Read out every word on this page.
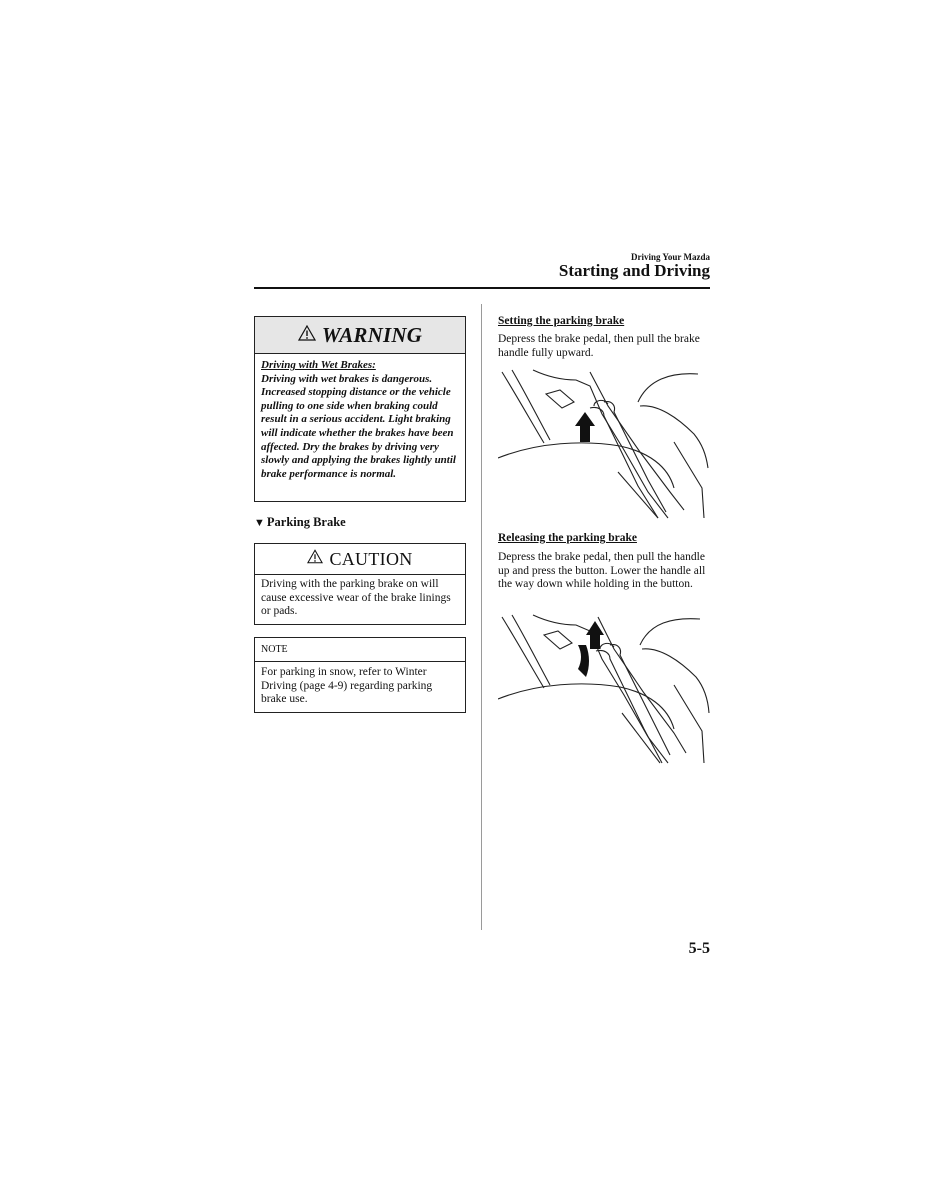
Driving Your Mazda
Starting and Driving
WARNING
Driving with Wet Brakes:
Driving with wet brakes is dangerous. Increased stopping distance or the vehicle pulling to one side when braking could result in a serious accident. Light braking will indicate whether the brakes have been affected. Dry the brakes by driving very slowly and applying the brakes lightly until brake performance is normal.
▼ Parking Brake
CAUTION
Driving with the parking brake on will cause excessive wear of the brake linings or pads.
NOTE
For parking in snow, refer to Winter Driving (page 4-9) regarding parking brake use.
Setting the parking brake
Depress the brake pedal, then pull the brake handle fully upward.
Releasing the parking brake
Depress the brake pedal, then pull the handle up and press the button. Lower the handle all the way down while holding in the button.
5-5
